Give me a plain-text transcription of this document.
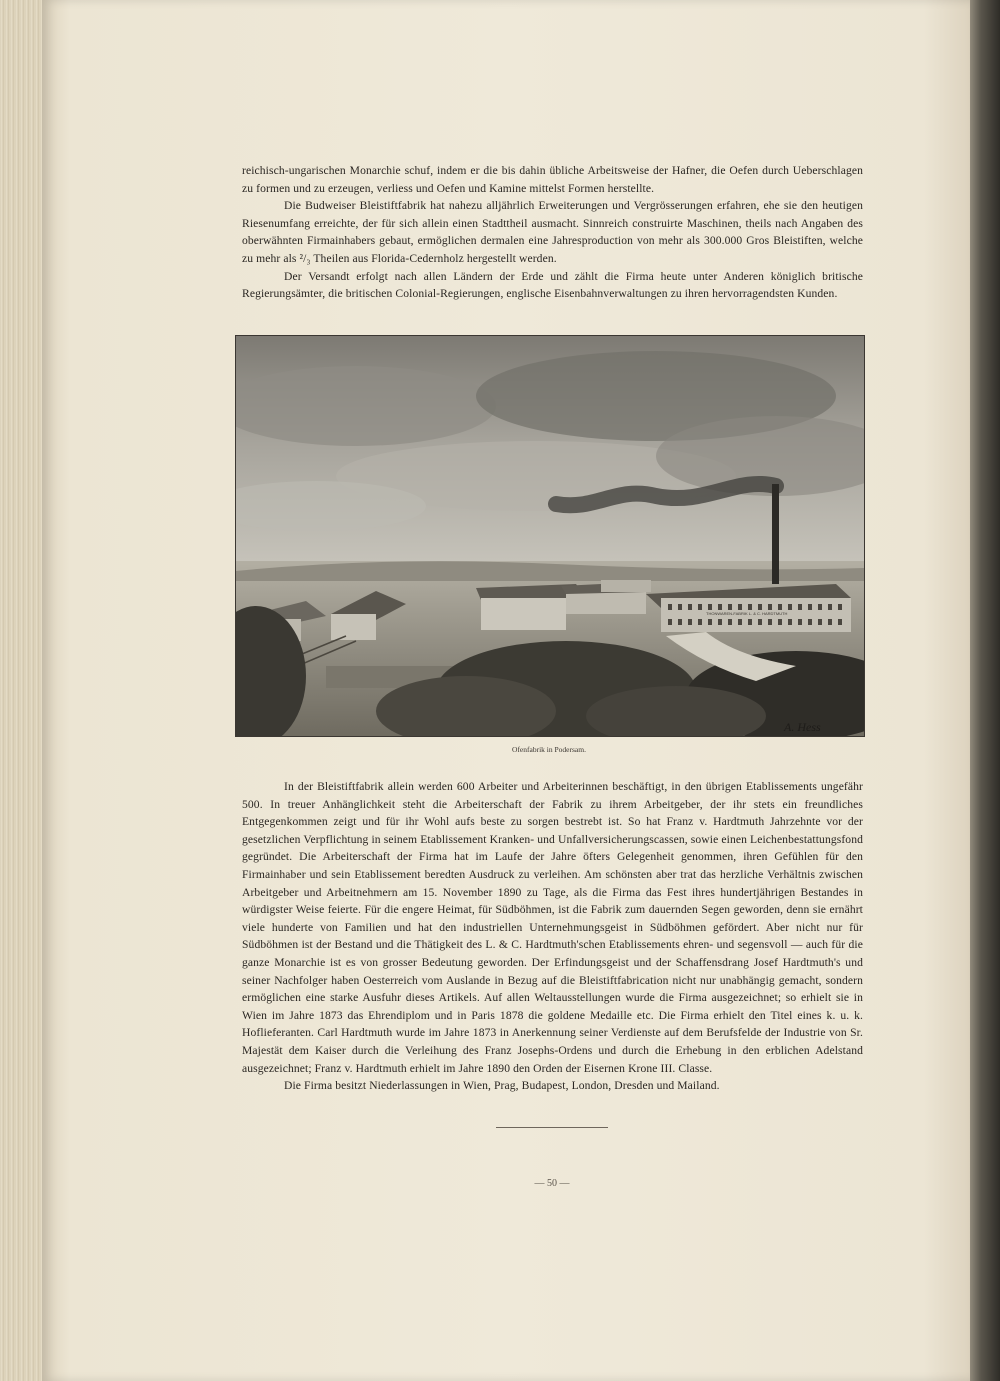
reichisch-ungarischen Monarchie schuf, indem er die bis dahin übliche Arbeitsweise der Hafner, die Oefen durch Ueberschlagen zu formen und zu erzeugen, verliess und Oefen und Kamine mittelst Formen herstellte.

Die Budweiser Bleistiftfabrik hat nahezu alljährlich Erweiterungen und Vergrösserungen erfahren, ehe sie den heutigen Riesenumfang erreichte, der für sich allein einen Stadttheil ausmacht. Sinnreich construirte Maschinen, theils nach Angaben des oberwähnten Firmainhabers gebaut, ermöglichen dermalen eine Jahresproduction von mehr als 300.000 Gros Bleistiften, welche zu mehr als ²/₃ Theilen aus Florida-Cedernholz hergestellt werden.

Der Versandt erfolgt nach allen Ländern der Erde und zählt die Firma heute unter Anderen königlich britische Regierungsämter, die britischen Colonial-Regierungen, englische Eisenbahnverwaltungen zu ihren hervorragendsten Kunden.

THONWAREN-FABRIK L. & C. HARDTMUTH
A. Hess
Ofenfabrik in Podersam.

In der Bleistiftfabrik allein werden 600 Arbeiter und Arbeiterinnen beschäftigt, in den übrigen Etablissements ungefähr 500. In treuer Anhänglichkeit steht die Arbeiterschaft der Fabrik zu ihrem Arbeitgeber, der ihr stets ein freundliches Entgegenkommen zeigt und für ihr Wohl aufs beste zu sorgen bestrebt ist. So hat Franz v. Hardtmuth Jahrzehnte vor der gesetzlichen Verpflichtung in seinem Etablissement Kranken- und Unfallversicherungscassen, sowie einen Leichenbestattungsfond gegründet. Die Arbeiterschaft der Firma hat im Laufe der Jahre öfters Gelegenheit genommen, ihren Gefühlen für den Firmainhaber und sein Etablissement beredten Ausdruck zu verleihen. Am schönsten aber trat das herzliche Verhältnis zwischen Arbeitgeber und Arbeitnehmern am 15. November 1890 zu Tage, als die Firma das Fest ihres hundertjährigen Bestandes in würdigster Weise feierte. Für die engere Heimat, für Südböhmen, ist die Fabrik zum dauernden Segen geworden, denn sie ernährt viele hunderte von Familien und hat den industriellen Unternehmungsgeist in Südböhmen gefördert. Aber nicht nur für Südböhmen ist der Bestand und die Thätigkeit des L. & C. Hardtmuth'schen Etablissements ehren- und segensvoll — auch für die ganze Monarchie ist es von grosser Bedeutung geworden. Der Erfindungsgeist und der Schaffensdrang Josef Hardtmuth's und seiner Nachfolger haben Oesterreich vom Auslande in Bezug auf die Bleistiftfabrication nicht nur unabhängig gemacht, sondern ermöglichen eine starke Ausfuhr dieses Artikels. Auf allen Weltausstellungen wurde die Firma ausgezeichnet; so erhielt sie in Wien im Jahre 1873 das Ehrendiplom und in Paris 1878 die goldene Medaille etc. Die Firma erhielt den Titel eines k. u. k. Hoflieferanten. Carl Hardtmuth wurde im Jahre 1873 in Anerkennung seiner Verdienste auf dem Berufsfelde der Industrie von Sr. Majestät dem Kaiser durch die Verleihung des Franz Josephs-Ordens und durch die Erhebung in den erblichen Adelstand ausgezeichnet; Franz v. Hardtmuth erhielt im Jahre 1890 den Orden der Eisernen Krone III. Classe.

Die Firma besitzt Niederlassungen in Wien, Prag, Budapest, London, Dresden und Mailand.

— 50 —
